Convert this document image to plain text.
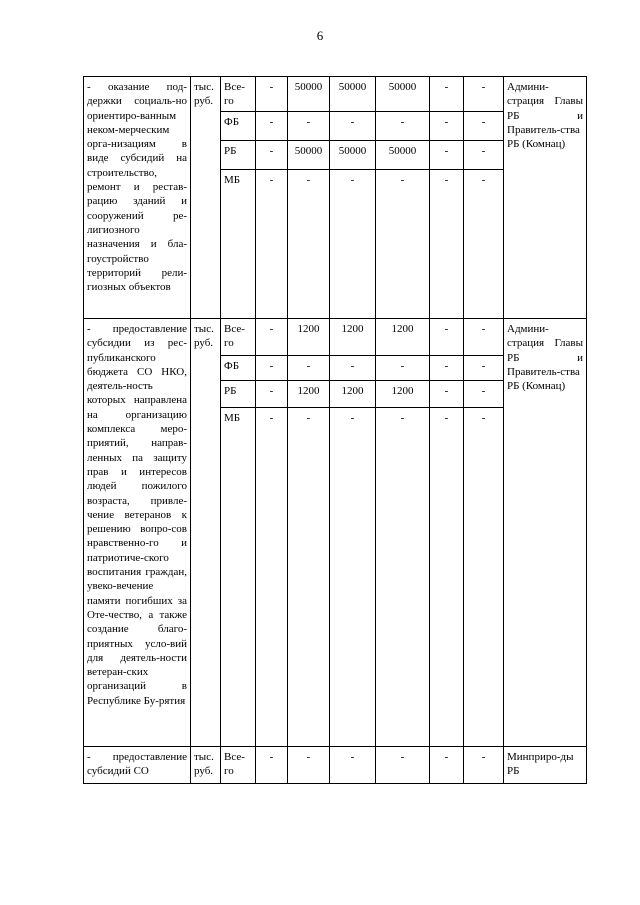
6
- оказание под-держки социаль-но ориентиро-ванным неком-мерческим орга-низациям в виде субсидий на строительство, ремонт и рестав-рацию зданий и сооружений ре-лигиозного назначения и бла-гоустройство территорий рели-гиозных объектов	тыс. руб.	Все-го	-	50000	50000	50000	-	-	Админи-страция Главы РБ и Правитель-ства РБ (Комнац)
		ФБ	-	-	-	-	-	-	
		РБ	-	50000	50000	50000	-	-	
		МБ	-	-	-	-	-	-	
- предоставление субсидии из рес-публиканского бюджета СО НКО, деятель-ность которых направлена на организацию комплекса меро-приятий, направ-ленных па защиту прав и интересов людей пожилого возраста, привле-чение ветеранов к решению вопро-сов нравственно-го и патриотиче-ского воспитания граждан, увеко-вечение памяти погибших за Оте-чество, а также создание благо-приятных усло-вий для деятель-ности ветеран-ских организаций в Республике Бу-рятия	тыс. руб.	Все-го	-	1200	1200	1200	-	-	Админи-страция Главы РБ и Правитель-ства РБ (Комнац)
		ФБ	-	-	-	-	-	-	
		РБ	-	1200	1200	1200	-	-	
		МБ	-	-	-	-	-	-	
- предоставление субсидий СО	тыс. руб.	Все-го	-	-	-	-	-	-	Минприро-ды РБ
